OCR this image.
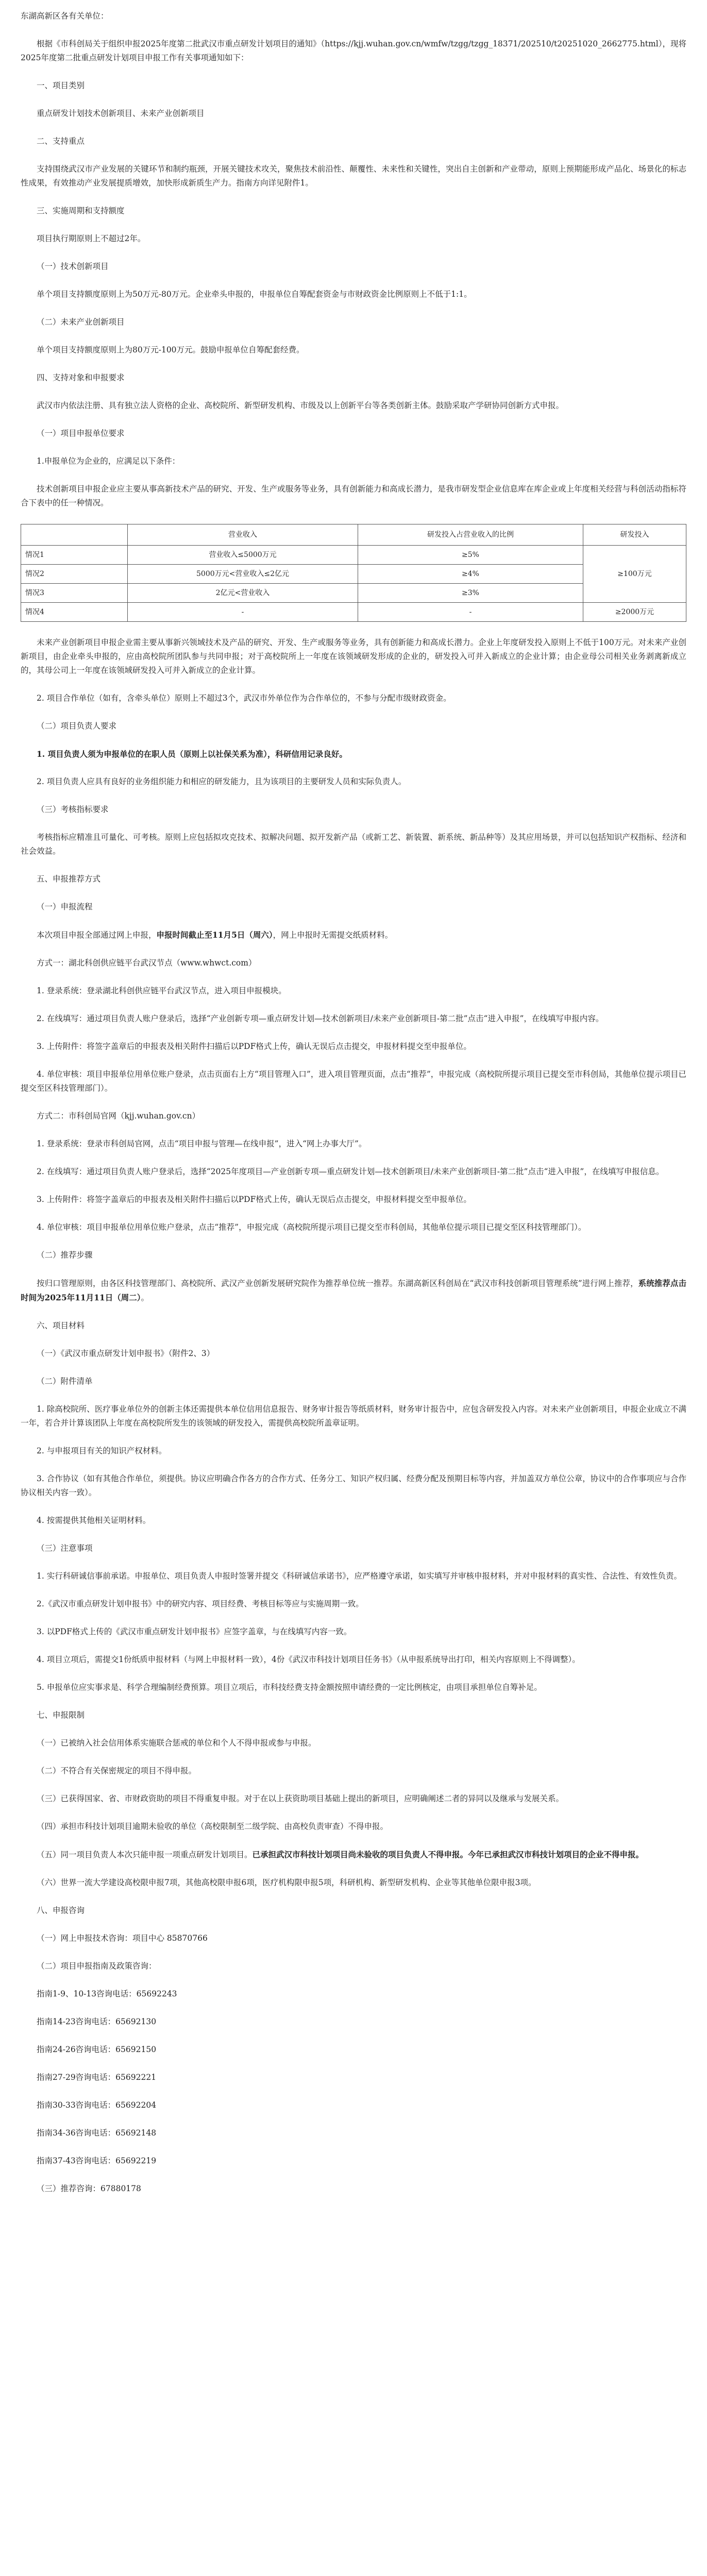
东湖高新区各有关单位：
根据《市科创局关于组织申报2025年度第二批武汉市重点研发计划项目的通知》（https://kjj.wuhan.gov.cn/wmfw/tzgg/tzgg_18371/202510/t20251020_2662775.html），现将2025年度第二批重点研发计划项目申报工作有关事项通知如下：
一、项目类别
重点研发计划技术创新项目、未来产业创新项目
二、支持重点
支持围绕武汉市产业发展的关键环节和制约瓶颈，开展关键技术攻关，聚焦技术前沿性、颠覆性、未来性和关键性，突出自主创新和产业带动，原则上预期能形成产品化、场景化的标志性成果，有效推动产业发展提质增效，加快形成新质生产力。指南方向详见附件1。
三、实施周期和支持额度
项目执行期原则上不超过2年。
（一）技术创新项目
单个项目支持额度原则上为50万元-80万元。企业牵头申报的，申报单位自筹配套资金与市财政资金比例原则上不低于1:1。
（二）未来产业创新项目
单个项目支持额度原则上为80万元-100万元。鼓励申报单位自筹配套经费。
四、支持对象和申报要求
武汉市内依法注册、具有独立法人资格的企业、高校院所、新型研发机构、市级及以上创新平台等各类创新主体。鼓励采取产学研协同创新方式申报。
（一）项目申报单位要求
1.申报单位为企业的，应满足以下条件：
技术创新项目申报企业应主要从事高新技术产品的研究、开发、生产或服务等业务，具有创新能力和高成长潜力，是我市研发型企业信息库在库企业或上年度相关经营与科创活动指标符合下表中的任一种情况。
	营业收入	研发投入占营业收入的比例	研发投入
情况1	营业收入≤5000万元	≥5%	≥100万元
情况2	5000万元<营业收入≤2亿元	≥4%	
情况3	2亿元<营业收入	≥3%	
情况4	-	-	≥2000万元
未来产业创新项目申报企业需主要从事新兴领域技术及产品的研究、开发、生产或服务等业务，具有创新能力和高成长潜力。企业上年度研发投入原则上不低于100万元。对未来产业创新项目，由企业牵头申报的，应由高校院所团队参与共同申报；对于高校院所上一年度在该领域研发形成的企业的，研发投入可并入新成立的企业计算；由企业母公司相关业务剥离新成立的，其母公司上一年度在该领域研发投入可并入新成立的企业计算。
2. 项目合作单位（如有，含牵头单位）原则上不超过3个，武汉市外单位作为合作单位的，不参与分配市级财政资金。
（二）项目负责人要求
1. 项目负责人须为申报单位的在职人员（原则上以社保关系为准），科研信用记录良好。
2. 项目负责人应具有良好的业务组织能力和相应的研发能力，且为该项目的主要研发人员和实际负责人。
（三）考核指标要求
考核指标应精准且可量化、可考核。原则上应包括拟攻克技术、拟解决问题、拟开发新产品（或新工艺、新装置、新系统、新品种等）及其应用场景，并可以包括知识产权指标、经济和社会效益。
五、申报推荐方式
（一）申报流程
本次项目申报全部通过网上申报，申报时间截止至11月5日（周六），网上申报时无需提交纸质材料。
方式一：湖北科创供应链平台武汉节点（www.whwct.com）
1. 登录系统：登录湖北科创供应链平台武汉节点，进入项目申报模块。
2. 在线填写：通过项目负责人账户登录后，选择“产业创新专项—重点研发计划—技术创新项目/未来产业创新项目-第二批”点击“进入申报”，在线填写申报内容。
3. 上传附件：将签字盖章后的申报表及相关附件扫描后以PDF格式上传，确认无误后点击提交，申报材料提交至申报单位。
4. 单位审核：项目申报单位用单位账户登录，点击页面右上方“项目管理入口”，进入项目管理页面，点击“推荐”，申报完成（高校院所提示项目已提交至市科创局，其他单位提示项目已提交至区科技管理部门）。
方式二：市科创局官网（kjj.wuhan.gov.cn）
1. 登录系统：登录市科创局官网，点击“项目申报与管理—在线申报”，进入“网上办事大厅”。
2. 在线填写：通过项目负责人账户登录后，选择“2025年度项目—产业创新专项—重点研发计划—技术创新项目/未来产业创新项目-第二批”点击“进入申报”，在线填写申报信息。
3. 上传附件：将签字盖章后的申报表及相关附件扫描后以PDF格式上传，确认无误后点击提交，申报材料提交至申报单位。
4. 单位审核：项目申报单位用单位账户登录，点击“推荐”，申报完成（高校院所提示项目已提交至市科创局，其他单位提示项目已提交至区科技管理部门）。
（二）推荐步骤
按归口管理原则，由各区科技管理部门、高校院所、武汉产业创新发展研究院作为推荐单位统一推荐。东湖高新区科创局在“武汉市科技创新项目管理系统”进行网上推荐，系统推荐点击时间为2025年11月11日（周二）。
六、项目材料
（一）《武汉市重点研发计划申报书》（附件2、3）
（二）附件清单
1. 除高校院所、医疗事业单位外的创新主体还需提供本单位信用信息报告、财务审计报告等纸质材料，财务审计报告中，应包含研发投入内容。对未来产业创新项目，申报企业成立不满一年，若合并计算该团队上年度在高校院所发生的该领域的研发投入，需提供高校院所盖章证明。
2. 与申报项目有关的知识产权材料。
3. 合作协议（如有其他合作单位，须提供。协议应明确合作各方的合作方式、任务分工、知识产权归属、经费分配及预期目标等内容，并加盖双方单位公章，协议中的合作事项应与合作协议相关内容一致）。
4. 按需提供其他相关证明材料。
（三）注意事项
1. 实行科研诚信事前承诺。申报单位、项目负责人申报时签署并提交《科研诚信承诺书》，应严格遵守承诺，如实填写并审核申报材料，并对申报材料的真实性、合法性、有效性负责。
2.《武汉市重点研发计划申报书》中的研究内容、项目经费、考核目标等应与实施周期一致。
3. 以PDF格式上传的《武汉市重点研发计划申报书》应签字盖章，与在线填写内容一致。
4. 项目立项后，需提交1份纸质申报材料（与网上申报材料一致），4份《武汉市科技计划项目任务书》（从申报系统导出打印，相关内容原则上不得调整）。
5. 申报单位应实事求是、科学合理编制经费预算。项目立项后，市科技经费支持金额按照申请经费的一定比例核定，由项目承担单位自筹补足。
七、申报限制
（一）已被纳入社会信用体系实施联合惩戒的单位和个人不得申报或参与申报。
（二）不符合有关保密规定的项目不得申报。
（三）已获得国家、省、市财政资助的项目不得重复申报。对于在以上获资助项目基础上提出的新项目，应明确阐述二者的异同以及继承与发展关系。
（四）承担市科技计划项目逾期未验收的单位（高校限制至二级学院、由高校负责审查）不得申报。
（五）同一项目负责人本次只能申报一项重点研发计划项目。已承担武汉市科技计划项目尚未验收的项目负责人不得申报。今年已承担武汉市科技计划项目的企业不得申报。
（六）世界一流大学建设高校限申报7项，其他高校限申报6项，医疗机构限申报5项，科研机构、新型研发机构、企业等其他单位限申报3项。
八、申报咨询
（一）网上申报技术咨询：项目中心 85870766
（二）项目申报指南及政策咨询：
指南1-9、10-13咨询电话：65692243
指南14-23咨询电话：65692130
指南24-26咨询电话：65692150
指南27-29咨询电话：65692221
指南30-33咨询电话：65692204
指南34-36咨询电话：65692148
指南37-43咨询电话：65692219
（三）推荐咨询：67880178
